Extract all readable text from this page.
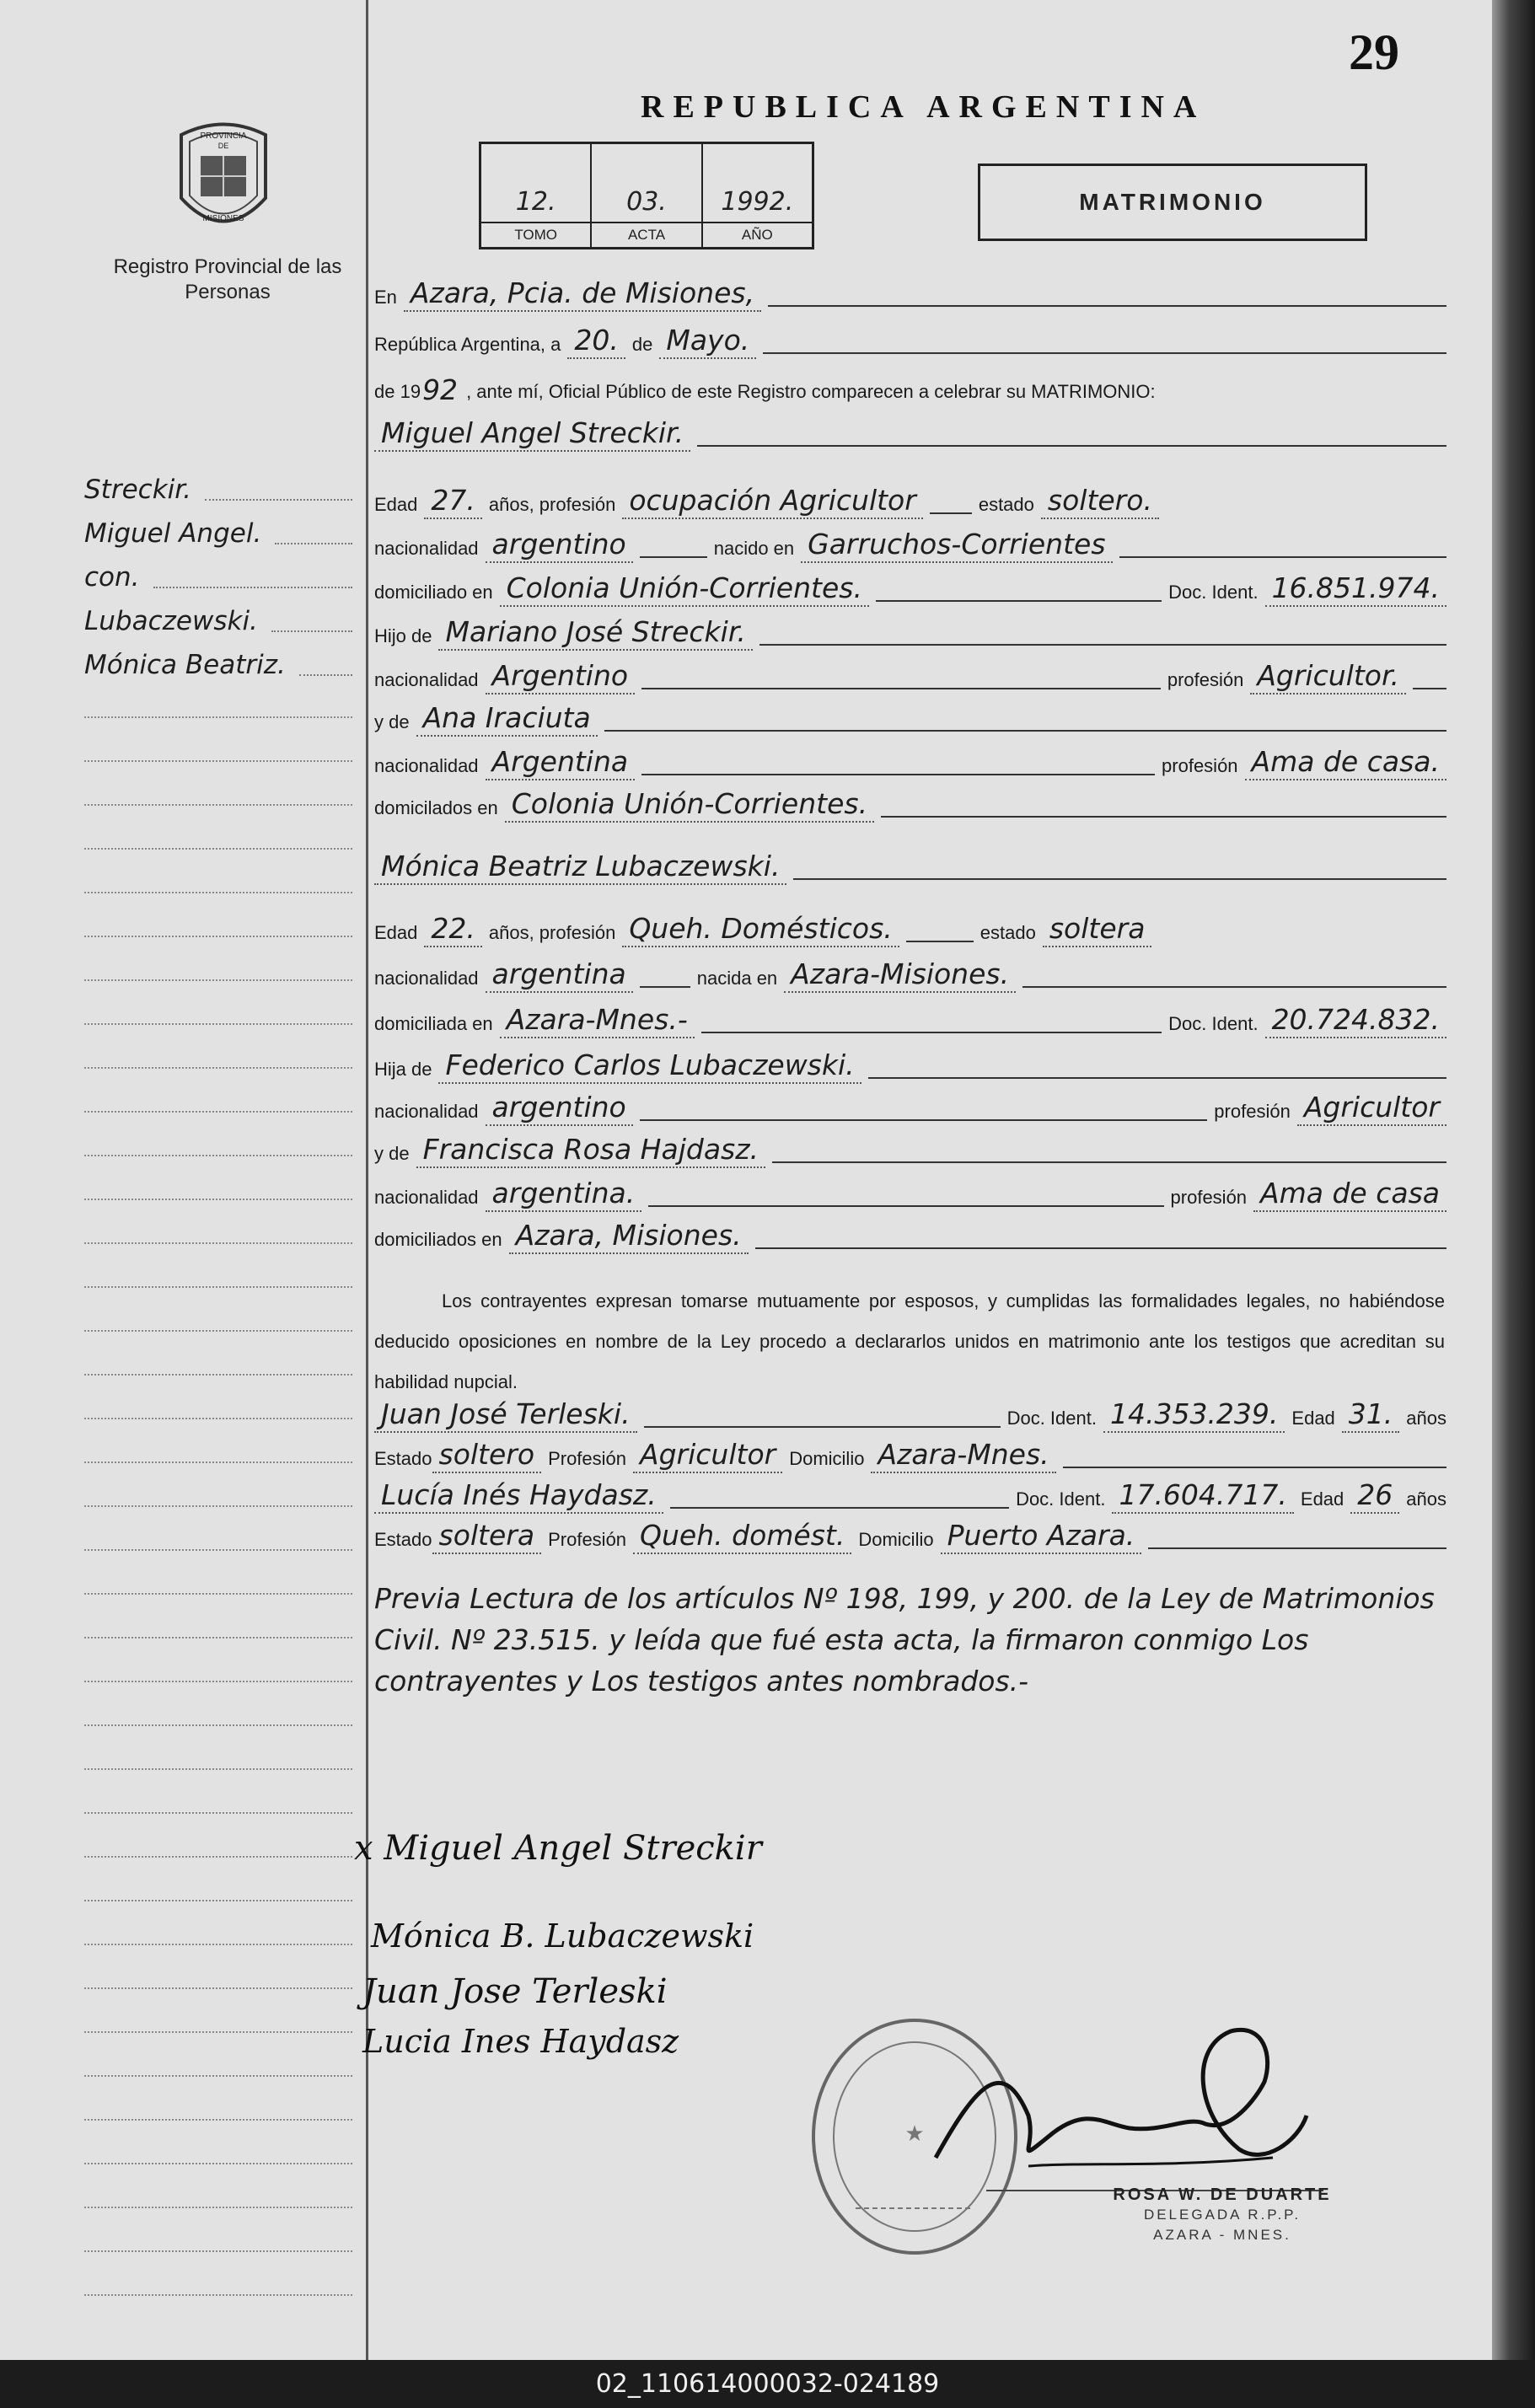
29
REPUBLICA ARGENTINA
PROVINCIA
DE
MISIONES
Registro Provincial de las Personas
12.
TOMO
03.
ACTA
1992.
AÑO
MATRIMONIO
En Azara, Pcia. de Misiones,
República Argentina, a 20. de Mayo.
de 19 92 , ante mí, Oficial Público de este Registro comparecen a celebrar su MATRIMONIO:
Miguel Angel Streckir.
Edad 27. años, profesión ocupación Agricultor	estado soltero.
nacionalidad argentino	nacido en Garruchos-Corrientes
domiciliado en Colonia Unión-Corrientes.	Doc. Ident. 16.851.974.
Hijo de Mariano José Streckir.
nacionalidad Argentino	profesión Agricultor.
y de Ana Iraciuta
nacionalidad Argentina	profesión Ama de casa.
domicilados en Colonia Unión-Corrientes.
Mónica Beatriz Lubaczewski.
Edad 22. años, profesión Queh. Domésticos.	estado soltera
nacionalidad argentina	nacida en Azara-Misiones.
domiciliada en Azara-Mnes.-	Doc. Ident. 20.724.832.
Hija de Federico Carlos Lubaczewski.
nacionalidad argentino	profesión Agricultor
y de Francisca Rosa Hajdasz.
nacionalidad argentina.	profesión Ama de casa
domiciliados en Azara, Misiones.
Los contrayentes expresan tomarse mutuamente por esposos, y cumplidas las formalidades legales, no habiéndose deducido oposiciones en nombre de la Ley procedo a declararlos unidos en matrimonio ante los testigos que acreditan su habilidad nupcial.
Juan José Terleski.	Doc. Ident. 14.353.239. Edad 31. años
Estado soltero Profesión Agricultor Domicilio Azara-Mnes.
Lucía Inés Haydasz.	Doc. Ident. 17.604.717. Edad 26 años
Estado soltera Profesión Queh. domést. Domicilio Puerto Azara.
Previa Lectura de los artículos Nº 198, 199, y 200. de la Ley de Matrimonios Civil. Nº 23.515. y leída que fué esta acta, la firmaron conmigo Los contrayentes y Los testigos antes nombrados.-
x Miguel Angel Streckir
Mónica B. Lubaczewski
Juan Jose Terleski
Lucia Ines Haydasz
★
ROSA W. DE DUARTE
DELEGADA R.P.P.
AZARA - MNES.
Streckir.
Miguel Angel.
con.
Lubaczewski.
Mónica Beatriz.
02_110614000032-024189
